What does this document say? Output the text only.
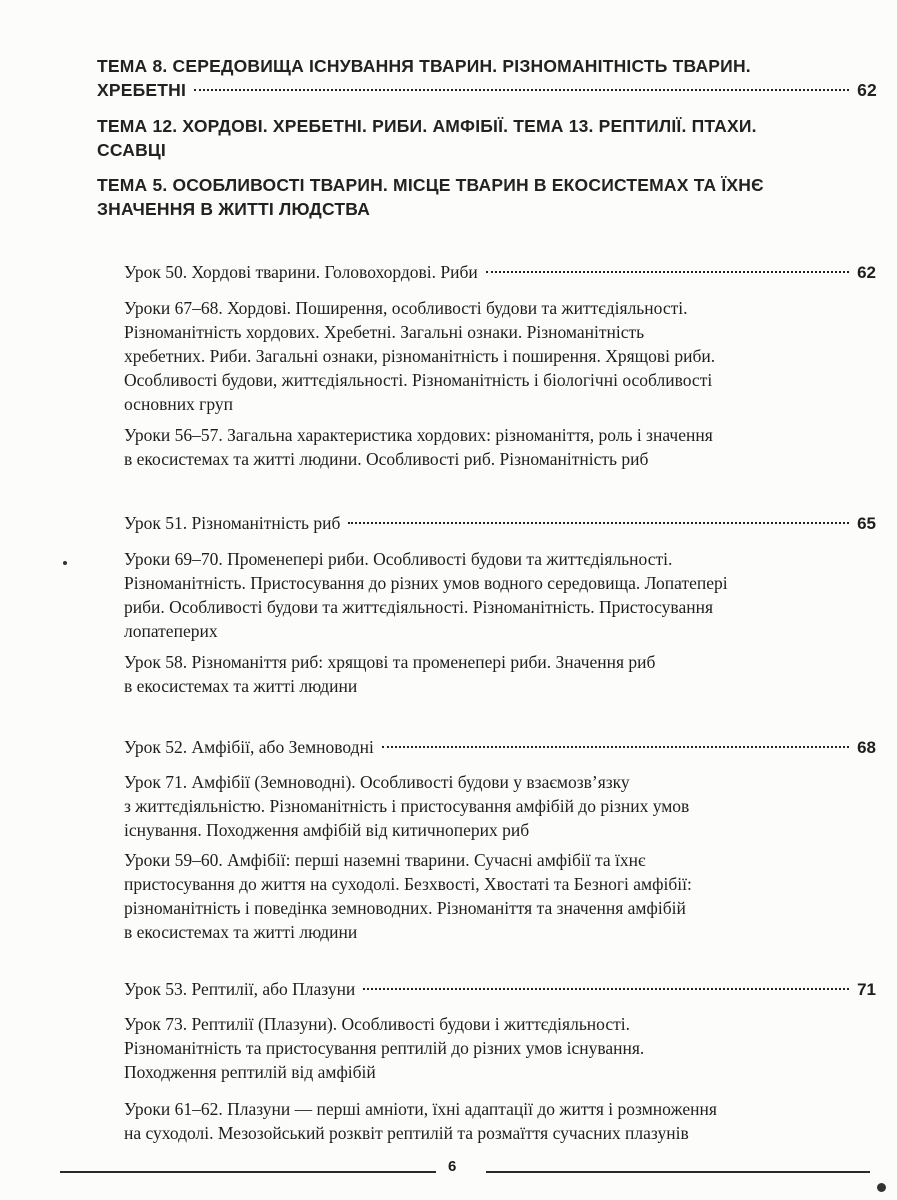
ТЕМА 8. СЕРЕДОВИЩА ІСНУВАННЯ ТВАРИН. РІЗНОМАНІТНІСТЬ ТВАРИН.
ХРЕБЕТНІ	62
ТЕМА 12. ХОРДОВІ. ХРЕБЕТНІ. РИБИ. АМФІБІЇ. ТЕМА 13. РЕПТИЛІЇ. ПТАХИ.
ССАВЦІ
ТЕМА 5. ОСОБЛИВОСТІ ТВАРИН. МІСЦЕ ТВАРИН В ЕКОСИСТЕМАХ ТА ЇХНЄ
ЗНАЧЕННЯ В ЖИТТІ ЛЮДСТВА
Урок 50. Хордові тварини. Головохордові. Риби	62
Уроки 67–68. Хордові. Поширення, особливості будови та життєдіяльності.
Різноманітність хордових. Хребетні. Загальні ознаки. Різноманітність
хребетних. Риби. Загальні ознаки, різноманітність і поширення. Хрящові риби.
Особливості будови, життєдіяльності. Різноманітність і біологічні особливості
основних груп
Уроки 56–57. Загальна характеристика хордових: різноманіття, роль і значення
в екосистемах та житті людини. Особливості риб. Різноманітність риб
Урок 51. Різноманітність риб	65
Уроки 69–70. Променепері риби. Особливості будови та життєдіяльності.
Різноманітність. Пристосування до різних умов водного середовища. Лопатепері
риби. Особливості будови та життєдіяльності. Різноманітність. Пристосування
лопатеперих
Урок 58. Різноманіття риб: хрящові та променепері риби. Значення риб
в екосистемах та житті людини
Урок 52. Амфібії, або Земноводні	68
Урок 71. Амфібії (Земноводні). Особливості будови у взаємозв’язку
з життєдіяльністю. Різноманітність і пристосування амфібій до різних умов
існування. Походження амфібій від китичноперих риб
Уроки 59–60. Амфібії: перші наземні тварини. Сучасні амфібії та їхнє
пристосування до життя на суходолі. Безхвості, Хвостаті та Безногі амфібії:
різноманітність і поведінка земноводних. Різноманіття та значення амфібій
в екосистемах та житті людини
Урок 53. Рептилії, або Плазуни	71
Урок 73. Рептилії (Плазуни). Особливості будови і життєдіяльності.
Різноманітність та пристосування рептилій до різних умов існування.
Походження рептилій від амфібій
Уроки 61–62. Плазуни — перші амніоти, їхні адаптації до життя і розмноження
на суходолі. Мезозойський розквіт рептилій та розмаїття сучасних плазунів
6
